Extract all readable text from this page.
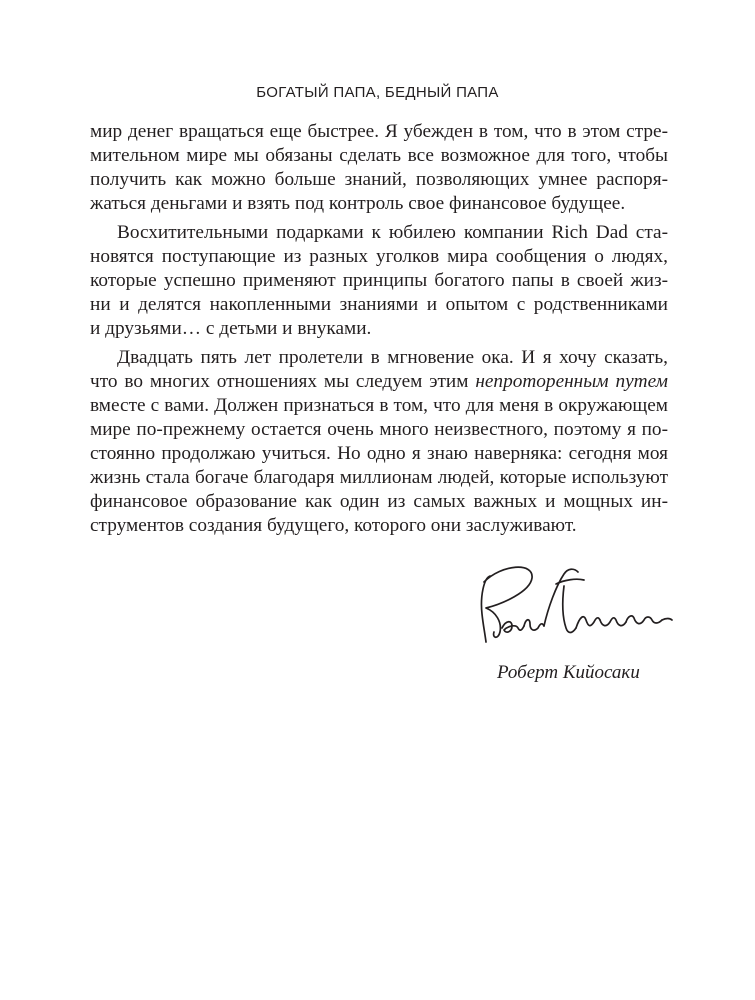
БОГАТЫЙ ПАПА, БЕДНЫЙ ПАПА
мир денег вращаться еще быстрее. Я убежден в том, что в этом стре-
мительном мире мы обязаны сделать все возможное для того, чтобы
получить как можно больше знаний, позволяющих умнее распоря-
жаться деньгами и взять под контроль свое финансовое будущее.
Восхитительными подарками к юбилею компании Rich Dad ста-
новятся поступающие из разных уголков мира сообщения о людях,
которые успешно применяют принципы богатого папы в своей жиз-
ни и делятся накопленными знаниями и опытом с родственниками
и друзьями… с детьми и внуками.
Двадцать пять лет пролетели в мгновение ока. И я хочу сказать,
что во многих отношениях мы следуем этим непроторенным путем
вместе с вами. Должен признаться в том, что для меня в окружающем
мире по-прежнему остается очень много неизвестного, поэтому я по-
стоянно продолжаю учиться. Но одно я знаю наверняка: сегодня моя
жизнь стала богаче благодаря миллионам людей, которые используют
финансовое образование как один из самых важных и мощных ин-
струментов создания будущего, которого они заслуживают.
Роберт Кийосаки
